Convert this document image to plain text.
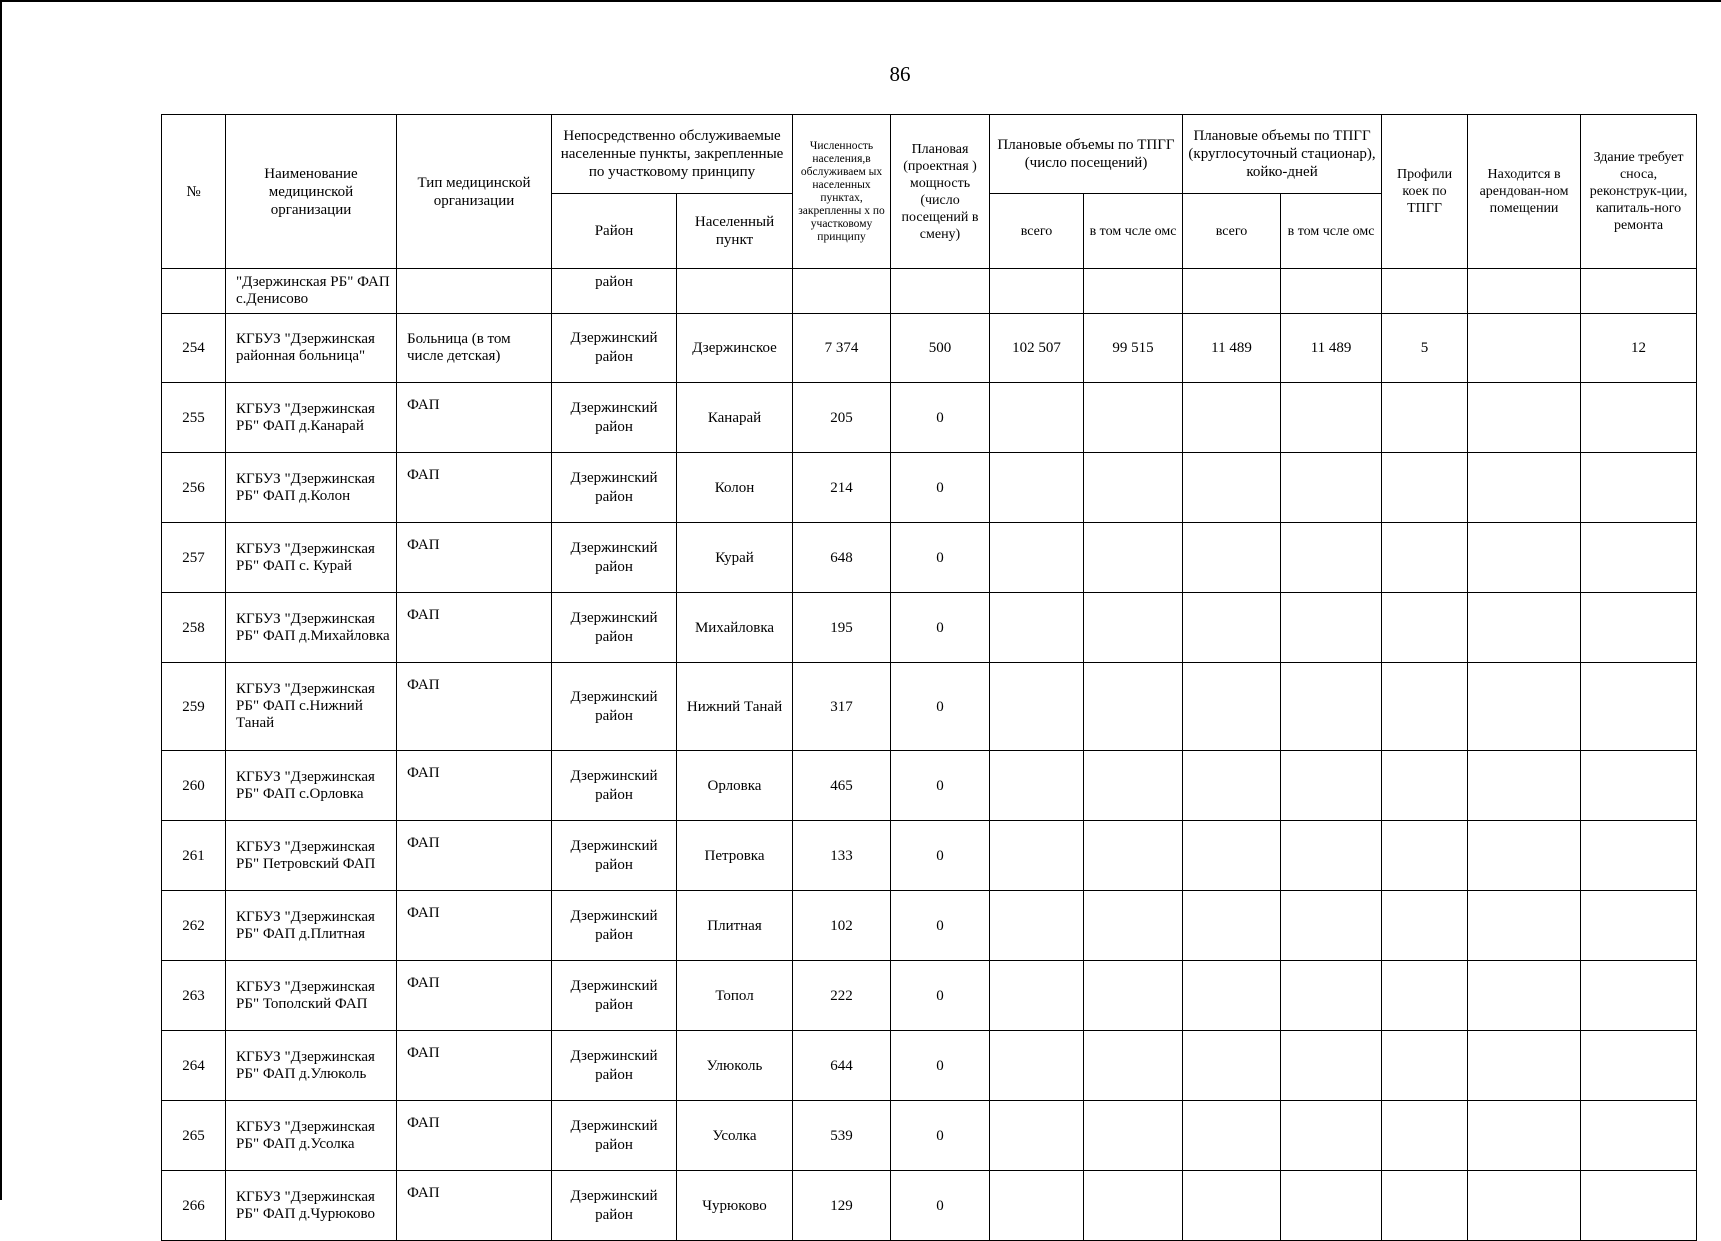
86
№	Наименование медицинской организации	Тип медицинской организации	Непосредственно обслуживаемые населенные пункты, закрепленные по участковому принципу		Численность населения,в обслуживаем ых населенных пунктах, закрепленны х по участковому принципу	Плановая (проектная ) мощность (число посещений в смену)	Плановые объемы по ТПГГ (число посещений)		Плановые объемы по ТПГГ (круглосуточный стационар), койко-дней		Профили коек по ТПГГ	Находится в арендован-ном помещении	Здание требует сноса, реконструк-ции, капиталь-ного ремонта
			Район	Населенный пункт			всего	в том чсле омс	всего	в том чсле омс			
	"Дзержинская РБ" ФАП с.Денисово		район										
254	КГБУЗ "Дзержинская районная больница"	Больница (в том числе детская)	Дзержинский район	Дзержинское	7 374	500	102 507	99 515	11 489	11 489	5		12
255	КГБУЗ "Дзержинская РБ" ФАП д.Канарай	ФАП	Дзержинский район	Канарай	205	0							
256	КГБУЗ "Дзержинская РБ" ФАП д.Колон	ФАП	Дзержинский район	Колон	214	0							
257	КГБУЗ "Дзержинская РБ" ФАП с. Курай	ФАП	Дзержинский район	Курай	648	0							
258	КГБУЗ "Дзержинская РБ" ФАП д.Михайловка	ФАП	Дзержинский район	Михайловка	195	0							
259	КГБУЗ "Дзержинская РБ" ФАП с.Нижний Танай	ФАП	Дзержинский район	Нижний Танай	317	0							
260	КГБУЗ "Дзержинская РБ" ФАП с.Орловка	ФАП	Дзержинский район	Орловка	465	0							
261	КГБУЗ "Дзержинская РБ" Петровский ФАП	ФАП	Дзержинский район	Петровка	133	0							
262	КГБУЗ "Дзержинская РБ" ФАП д.Плитная	ФАП	Дзержинский район	Плитная	102	0							
263	КГБУЗ "Дзержинская РБ" Тополский ФАП	ФАП	Дзержинский район	Топол	222	0							
264	КГБУЗ "Дзержинская РБ" ФАП д.Улюколь	ФАП	Дзержинский район	Улюколь	644	0							
265	КГБУЗ "Дзержинская РБ" ФАП д.Усолка	ФАП	Дзержинский район	Усолка	539	0							
266	КГБУЗ "Дзержинская РБ" ФАП д.Чурюково	ФАП	Дзержинский район	Чурюково	129	0							
